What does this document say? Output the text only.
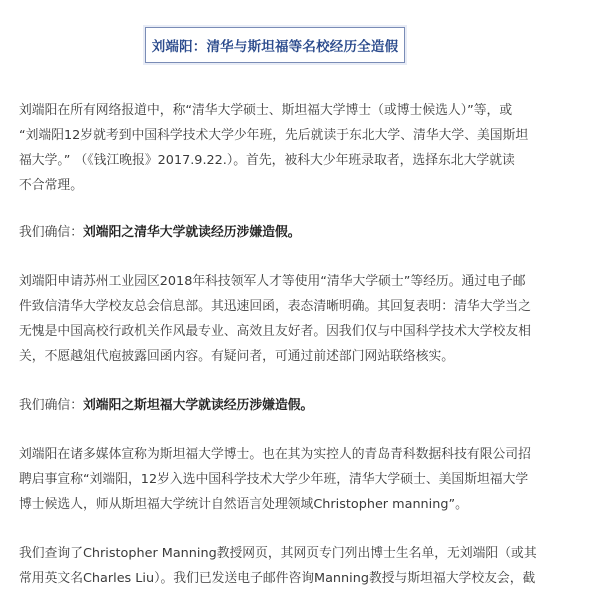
刘端阳：清华与斯坦福等名校经历全造假

刘端阳在所有网络报道中，称“清华大学硕士、斯坦福大学博士（或博士候选人）”等，或
“刘端阳12岁就考到中国科学技术大学少年班，先后就读于东北大学、清华大学、美国斯坦
福大学。” （《钱江晚报》2017.9.22.）。首先，被科大少年班录取者，选择东北大学就读
不合常理。

我们确信：刘端阳之清华大学就读经历涉嫌造假。

刘端阳申请苏州工业园区2018年科技领军人才等使用“清华大学硕士”等经历。通过电子邮
件致信清华大学校友总会信息部。其迅速回函，表态清晰明确。其回复表明：清华大学当之
无愧是中国高校行政机关作风最专业、高效且友好者。因我们仅与中国科学技术大学校友相
关，不愿越俎代庖披露回函内容。有疑问者，可通过前述部门网站联络核实。

我们确信：刘端阳之斯坦福大学就读经历涉嫌造假。

刘端阳在诸多媒体宣称为斯坦福大学博士。也在其为实控人的青岛青科数据科技有限公司招
聘启事宣称“刘端阳，12岁入选中国科学技术大学少年班，清华大学硕士、美国斯坦福大学
博士候选人，师从斯坦福大学统计自然语言处理领域Christopher manning”。

我们查询了Christopher Manning教授网页，其网页专门列出博士生名单，无刘端阳（或其
常用英文名Charles Liu）。我们已发送电子邮件咨询Manning教授与斯坦福大学校友会，截
